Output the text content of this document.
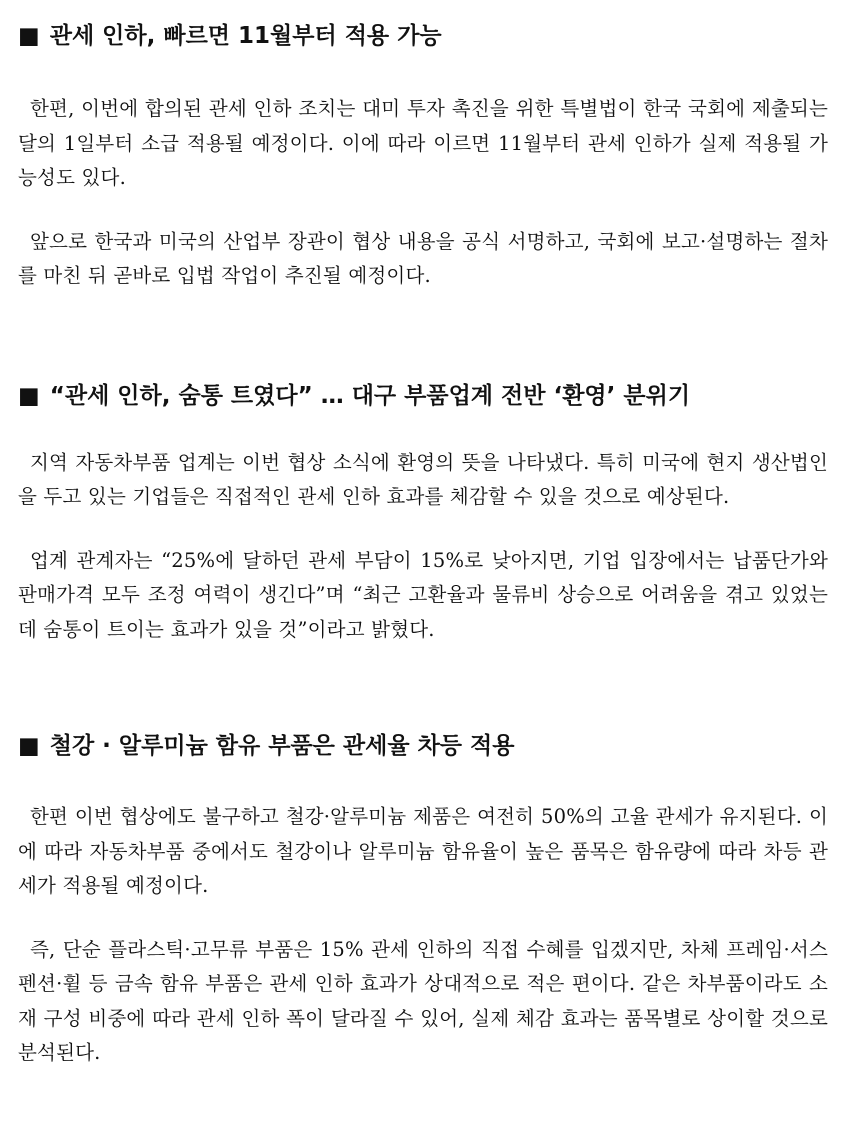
■ 관세 인하, 빠르면 11월부터 적용 가능

한편, 이번에 합의된 관세 인하 조치는 대미 투자 촉진을 위한 특별법이 한국 국회에 제출되는 달의 1일부터 소급 적용될 예정이다. 이에 따라 이르면 11월부터 관세 인하가 실제 적용될 가능성도 있다.

앞으로 한국과 미국의 산업부 장관이 협상 내용을 공식 서명하고, 국회에 보고·설명하는 절차를 마친 뒤 곧바로 입법 작업이 추진될 예정이다.

■ “관세 인하, 숨통 트였다” … 대구 부품업계 전반 ‘환영’ 분위기

지역 자동차부품 업계는 이번 협상 소식에 환영의 뜻을 나타냈다. 특히 미국에 현지 생산법인을 두고 있는 기업들은 직접적인 관세 인하 효과를 체감할 수 있을 것으로 예상된다.

업계 관계자는 “25%에 달하던 관세 부담이 15%로 낮아지면, 기업 입장에서는 납품단가와 판매가격 모두 조정 여력이 생긴다”며 “최근 고환율과 물류비 상승으로 어려움을 겪고 있었는데 숨통이 트이는 효과가 있을 것”이라고 밝혔다.

■ 철강 · 알루미늄 함유 부품은 관세율 차등 적용

한편 이번 협상에도 불구하고 철강·알루미늄 제품은 여전히 50%의 고율 관세가 유지된다. 이에 따라 자동차부품 중에서도 철강이나 알루미늄 함유율이 높은 품목은 함유량에 따라 차등 관세가 적용될 예정이다.

즉, 단순 플라스틱·고무류 부품은 15% 관세 인하의 직접 수혜를 입겠지만, 차체 프레임·서스펜션·휠 등 금속 함유 부품은 관세 인하 효과가 상대적으로 적은 편이다. 같은 차부품이라도 소재 구성 비중에 따라 관세 인하 폭이 달라질 수 있어, 실제 체감 효과는 품목별로 상이할 것으로 분석된다.
